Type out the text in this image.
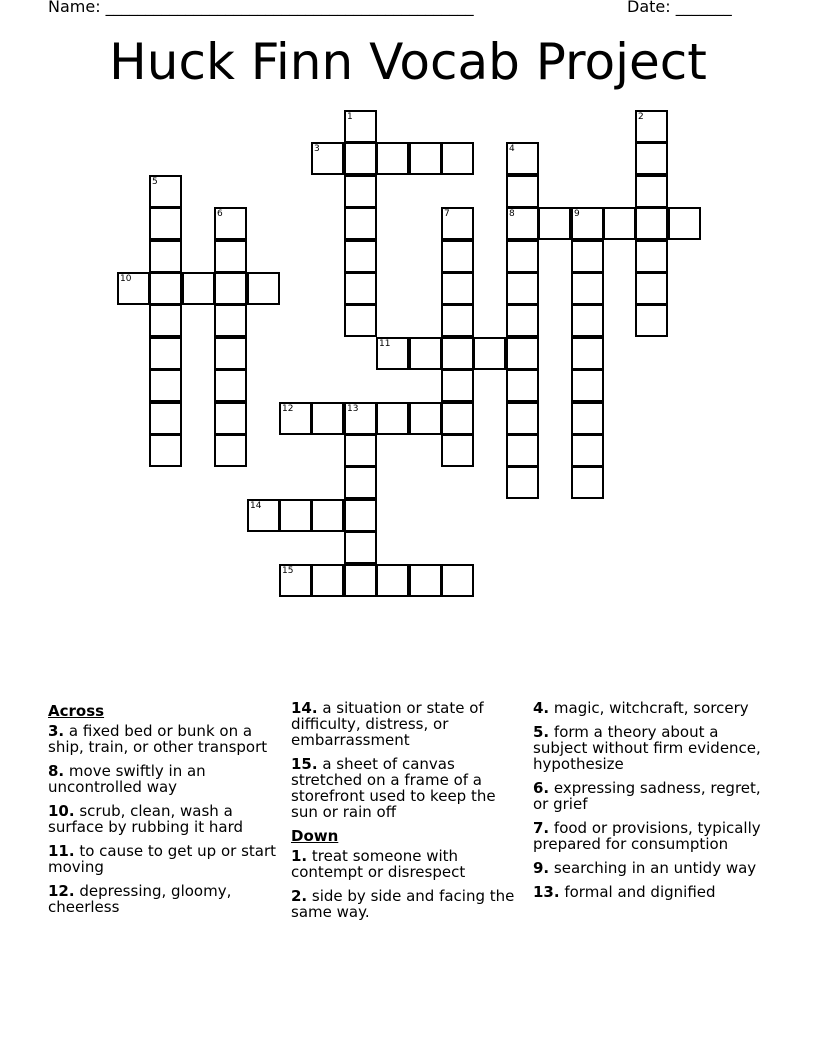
Name: ______________________________________________	Date: _______
Huck Finn Vocab Project
1	2
3	4
8
5
6	7	9
10
11
12	13
14
15
Across
3. a fixed bed or bunk on a ship, train, or other transport
8. move swiftly in an uncontrolled way
10. scrub, clean, wash a surface by rubbing it hard
11. to cause to get up or start moving
12. depressing, gloomy, cheerless
14. a situation or state of difficulty, distress, or embarrassment
15. a sheet of canvas stretched on a frame of a storefront used to keep the sun or rain off
Down
1. treat someone with contempt or disrespect
2. side by side and facing the same way.
4. magic, witchcraft, sorcery
5. form a theory about a subject without firm evidence, hypothesize
6. expressing sadness, regret, or grief
7. food or provisions, typically prepared for consumption
9. searching in an untidy way
13. formal and dignified
